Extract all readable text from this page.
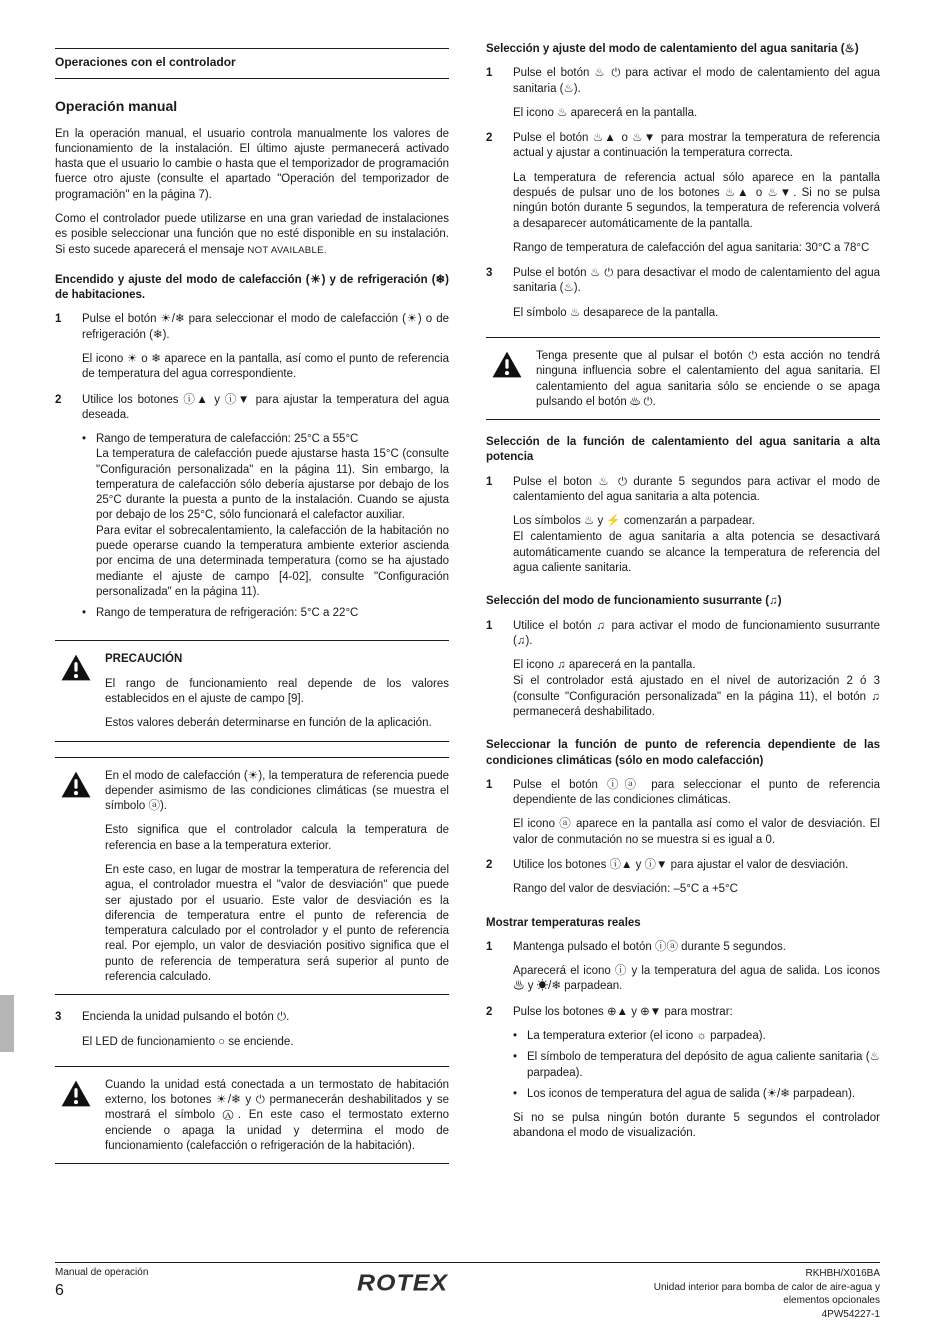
Operaciones con el controlador
Operación manual

En la operación manual, el usuario controla manualmente los valores de funcionamiento de la instalación. El último ajuste permanecerá activado hasta que el usuario lo cambie o hasta que el temporizador de programación fuerce otro ajuste (consulte el apartado "Operación del temporizador de programación" en la página 7).

Como el controlador puede utilizarse en una gran variedad de instalaciones es posible seleccionar una función que no esté disponible en su instalación. Si esto sucede aparecerá el mensaje NOT AVAILABLE.

Encendido y ajuste del modo de calefacción (☀) y de refrigeración (❄) de habitaciones.
1	Pulse el botón ☀/❄ para seleccionar el modo de calefacción (☀) o de refrigeración (❄).

El icono ☀ o ❄ aparece en la pantalla, así como el punto de referencia de temperatura del agua correspondiente.

2	Utilice los botones ⓘ▲ y ⓘ▼ para ajustar la temperatura del agua deseada.

• Rango de temperatura de calefacción: 25°C a 55°C

La temperatura de calefacción puede ajustarse hasta 15°C (consulte "Configuración personalizada" en la página 11). Sin embargo, la temperatura de calefacción sólo debería ajustarse por debajo de los 25°C durante la puesta a punto de la instalación. Cuando se ajusta por debajo de los 25°C, sólo funcionará el calefactor auxiliar.

Para evitar el sobrecalentamiento, la calefacción de la habitación no puede operarse cuando la temperatura ambiente exterior ascienda por encima de una determinada temperatura (como se ha ajustado mediante el ajuste de campo [4-02], consulte "Configuración personalizada" en la página 11).

• Rango de temperatura de refrigeración: 5°C a 22°C

PRECAUCIÓN

El rango de funcionamiento real depende de los valores establecidos en el ajuste de campo [9].

Estos valores deberán determinarse en función de la aplicación.

En el modo de calefacción (☀), la temperatura de referencia puede depender asimismo de las condiciones climáticas (se muestra el símbolo ⓐ).

Esto significa que el controlador calcula la temperatura de referencia en base a la temperatura exterior.

En este caso, en lugar de mostrar la temperatura de referencia del agua, el controlador muestra el "valor de desviación" que puede ser ajustado por el usuario. Este valor de desviación es la diferencia de temperatura entre el punto de referencia de temperatura calculado por el controlador y el punto de referencia real. Por ejemplo, un valor de desviación positivo significa que el punto de referencia de temperatura será superior al punto de referencia calculado.

3	Encienda la unidad pulsando el botón ⏻.

El LED de funcionamiento ○ se enciende.

Cuando la unidad está conectada a un termostato de habitación externo, los botones ☀/❄ y ⏻ permanecerán deshabilitados y se mostrará el símbolo Ⓐ. En este caso el termostato externo enciende o apaga la unidad y determina el modo de funcionamiento (calefacción o refrigeración de la habitación).

Selección y ajuste del modo de calentamiento del agua sanitaria (♨)
1	Pulse el botón ♨ ⏻ para activar el modo de calentamiento del agua sanitaria (♨).

El icono ♨ aparecerá en la pantalla.

2	Pulse el botón ♨▲ o ♨▼ para mostrar la temperatura de referencia actual y ajustar a continuación la temperatura correcta.

La temperatura de referencia actual sólo aparece en la pantalla después de pulsar uno de los botones ♨▲ o ♨▼. Si no se pulsa ningún botón durante 5 segundos, la temperatura de referencia volverá a desaparecer automáticamente de la pantalla.

Rango de temperatura de calefacción del agua sanitaria: 30°C a 78°C

3	Pulse el botón ♨ ⏻ para desactivar el modo de calentamiento del agua sanitaria (♨).

El símbolo ♨ desaparece de la pantalla.

Tenga presente que al pulsar el botón ⏻ esta acción no tendrá ninguna influencia sobre el calentamiento del agua sanitaria. El calentamiento del agua sanitaria sólo se enciende o se apaga pulsando el botón ♨ ⏻.

Selección de la función de calentamiento del agua sanitaria a alta potencia
1	Pulse el boton ♨ ⏻ durante 5 segundos para activar el modo de calentamiento del agua sanitaria a alta potencia.

Los símbolos ♨ y ⚡ comenzarán a parpadear.

El calentamiento de agua sanitaria a alta potencia se desactivará automáticamente cuando se alcance la temperatura de referencia del agua caliente sanitaria.

Selección del modo de funcionamiento susurrante (♫)
1	Utilice el botón ♫ para activar el modo de funcionamiento susurrante (♫).

El icono ♫ aparecerá en la pantalla.

Si el controlador está ajustado en el nivel de autorización 2 ó 3 (consulte "Configuración personalizada" en la página 11), el botón ♫ permanecerá deshabilitado.

Seleccionar la función de punto de referencia dependiente de las condiciones climáticas (sólo en modo calefacción)
1	Pulse el botón ⓘⓐ para seleccionar el punto de referencia dependiente de las condiciones climáticas.

El icono ⓐ aparece en la pantalla así como el valor de desviación. El valor de conmutación no se muestra si es igual a 0.

2	Utilice los botones ⓘ▲ y ⓘ▼ para ajustar el valor de desviación.

Rango del valor de desviación: –5°C a +5°C

Mostrar temperaturas reales
1	Mantenga pulsado el botón ⓘⓐ durante 5 segundos.

Aparecerá el icono ⓘ y la temperatura del agua de salida. Los iconos ♨ y ☀/❄ parpadean.

2	Pulse los botones ⊕▲ y ⊕▼ para mostrar:

• La temperatura exterior (el icono ☼ parpadea).

• El símbolo de temperatura del depósito de agua caliente sanitaria (♨ parpadea).

• Los iconos de temperatura del agua de salida (☀/❄ parpadean).

Si no se pulsa ningún botón durante 5 segundos el controlador abandona el modo de visualización.

Manual de operación
6	ROTEX	RKHBH/X016BA
Unidad interior para bomba de calor de aire-agua y
elementos opcionales
4PW54227-1
